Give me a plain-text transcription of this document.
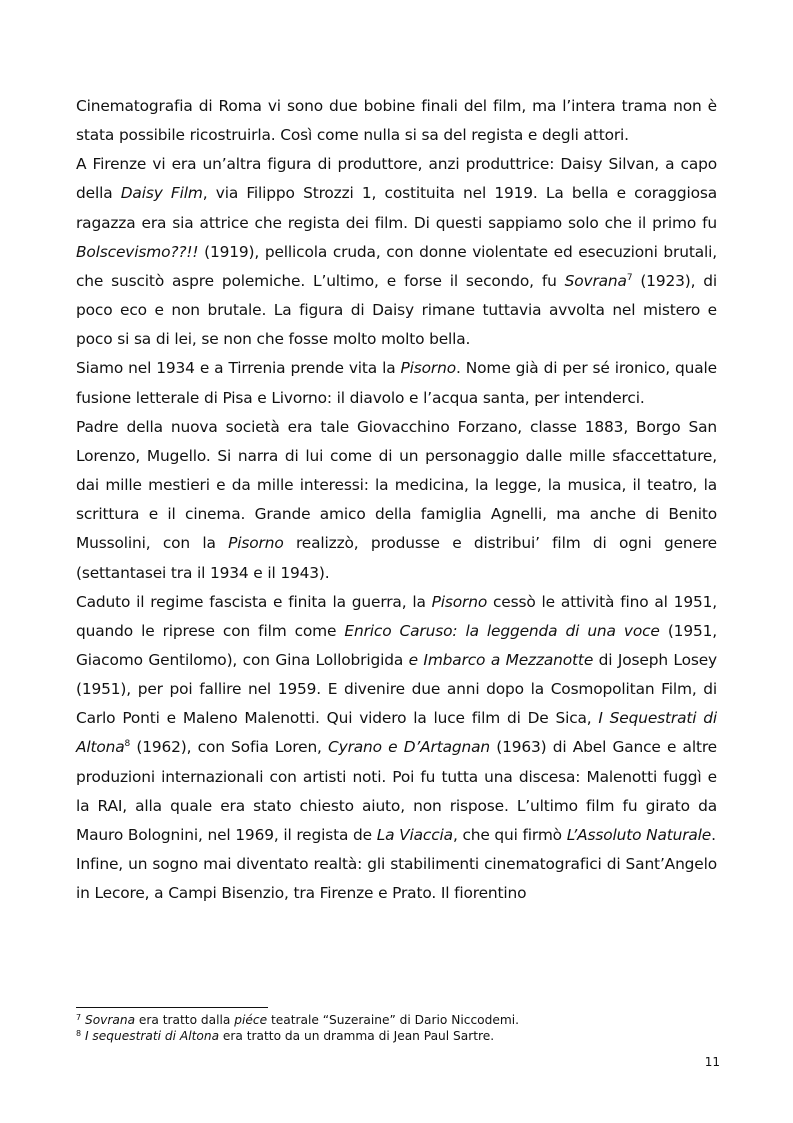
Cinematografia di Roma vi sono due bobine finali del film, ma l’intera trama non è stata possibile ricostruirla. Così come nulla si sa del regista e degli attori.

A Firenze vi era un’altra figura di produttore, anzi produttrice: Daisy Silvan, a capo della Daisy Film, via Filippo Strozzi 1, costituita nel 1919. La bella e coraggiosa ragazza era sia attrice che regista dei film. Di questi sappiamo solo che il primo fu Bolscevismo??!! (1919), pellicola cruda, con donne violentate ed esecuzioni brutali, che suscitò aspre polemiche. L’ultimo, e forse il secondo, fu Sovrana$^7$ (1923), di poco eco e non brutale. La figura di Daisy rimane tuttavia avvolta nel mistero e poco si sa di lei, se non che fosse molto molto bella.

Siamo nel 1934 e a Tirrenia prende vita la Pisorno. Nome già di per sé ironico, quale fusione letterale di Pisa e Livorno: il diavolo e l’acqua santa, per intenderci.

Padre della nuova società era tale Giovacchino Forzano, classe 1883, Borgo San Lorenzo, Mugello. Si narra di lui come di un personaggio dalle mille sfaccettature, dai mille mestieri e da mille interessi: la medicina, la legge, la musica, il teatro, la scrittura e il cinema. Grande amico della famiglia Agnelli, ma anche di Benito Mussolini, con la Pisorno realizzò, produsse e distribui’ film di ogni genere (settantasei tra il 1934 e il 1943).

Caduto il regime fascista e finita la guerra, la Pisorno cessò le attività fino al 1951, quando le riprese con film come Enrico Caruso: la leggenda di una voce (1951, Giacomo Gentilomo), con Gina Lollobrigida e Imbarco a Mezzanotte di Joseph Losey (1951), per poi fallire nel 1959. E divenire due anni dopo la Cosmopolitan Film, di Carlo Ponti e Maleno Malenotti. Qui videro la luce film di De Sica, I Sequestrati di Altona$^8$ (1962), con Sofia Loren, Cyrano e D’Artagnan (1963) di Abel Gance e altre produzioni internazionali con artisti noti. Poi fu tutta una discesa: Malenotti fuggì e la RAI, alla quale era stato chiesto aiuto, non rispose. L’ultimo film fu girato da Mauro Bolognini, nel 1969, il regista de La Viaccia, che qui firmò L’Assoluto Naturale.

Infine, un sogno mai diventato realtà: gli stabilimenti cinematografici di Sant’Angelo in Lecore, a Campi Bisenzio, tra Firenze e Prato. Il fiorentino

$^7$ Sovrana era tratto dalla piéce teatrale “Suzeraine” di Dario Niccodemi.
$^8$ I sequestrati di Altona era tratto da un dramma di Jean Paul Sartre.
11
